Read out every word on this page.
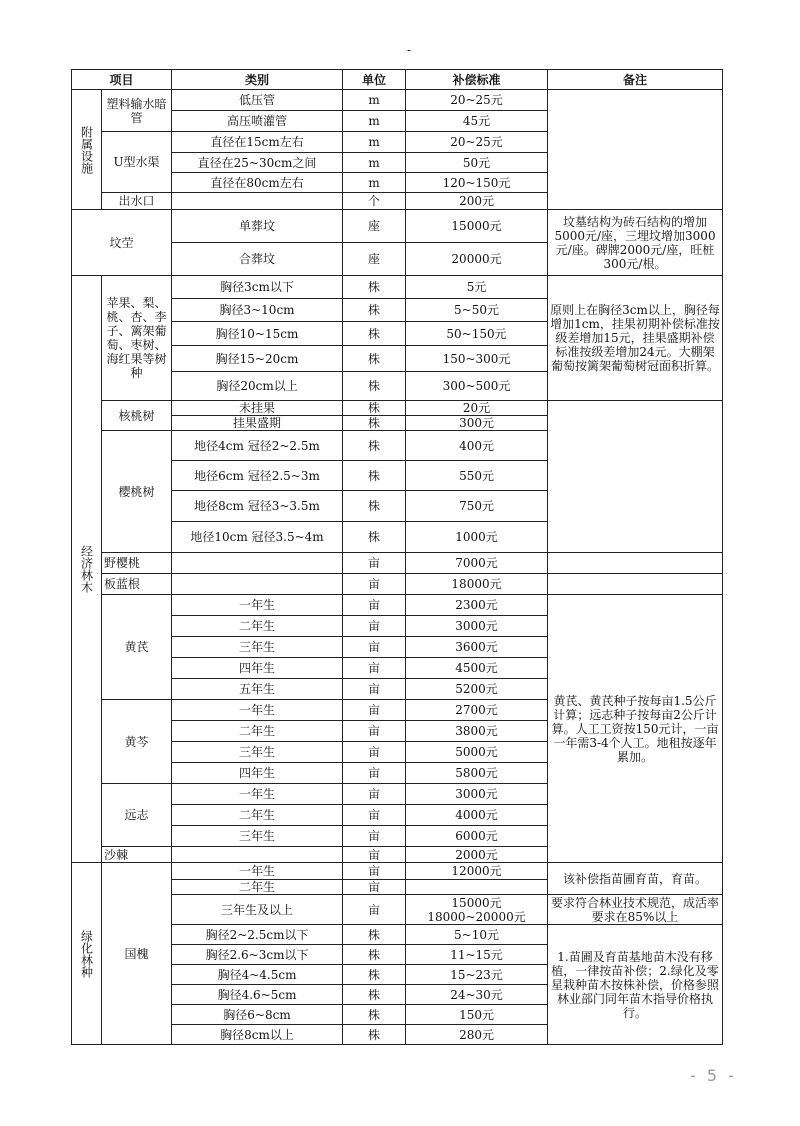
-
项目		类别	单位	补偿标准	备注
附属设施	塑料输水暗管	低压管	m	20~25元	
		高压喷灌管	m	45元	
	U型水渠	直径在15cm左右	m	20~25元	
		直径在25~30cm之间	m	50元	
		直径在80cm左右	m	120~150元	
	出水口		个	200元	
坟茔		单葬坟	座	15000元	坟墓结构为砖石结构的增加5000元/座，三埋坟增加3000元/座。碑牌2000元/座，旺桩300元/根。
		合葬坟	座	20000元	
经济林木	苹果、梨、桃、杏、李子、篱架葡萄、枣树、海红果等树种	胸径3cm以下	株	5元	原则上在胸径3cm以上，胸径每增加1cm，挂果初期补偿标准按级差增加15元，挂果盛期补偿标准按级差增加24元。大棚架葡萄按篱架葡萄树冠面积折算。
		胸径3~10cm	株	5~50元	
		胸径10~15cm	株	50~150元	
		胸径15~20cm	株	150~300元	
		胸径20cm以上	株	300~500元	
	核桃树	未挂果	株	20元	
		挂果盛期	株	300元	
	樱桃树	地径4cm 冠径2~2.5m	株	400元	
		地径6cm 冠径2.5~3m	株	550元	
		地径8cm 冠径3~3.5m	株	750元	
		地径10cm 冠径3.5~4m	株	1000元	
	野樱桃		亩	7000元	
	板蓝根		亩	18000元	
	黄芪	一年生	亩	2300元	黄芪、黄芪种子按每亩1.5公斤计算；远志种子按每亩2公斤计算。人工工资按150元计，一亩一年需3-4个人工。地租按逐年累加。
		二年生	亩	3000元	
		三年生	亩	3600元	
		四年生	亩	4500元	
		五年生	亩	5200元	
	黄芩	一年生	亩	2700元	
		二年生	亩	3800元	
		三年生	亩	5000元	
		四年生	亩	5800元	
	远志	一年生	亩	3000元	
		二年生	亩	4000元	
		三年生	亩	6000元	
	沙棘		亩	2000元	
绿化林种	国槐	一年生	亩	12000元	该补偿指苗圃育苗，育苗。
		二年生	亩		
		三年生及以上	亩	15000元 18000~20000元	要求符合林业技术规范，成活率要求在85%以上
		胸径2~2.5cm以下	株	5~10元	1.苗圃及育苗基地苗木没有移植，一律按苗补偿；2.绿化及零星栽种苗木按株补偿，价格参照林业部门同年苗木指导价格执行。
		胸径2.6~3cm以下	株	11~15元	
		胸径4~4.5cm	株	15~23元	
		胸径4.6~5cm	株	24~30元	
		胸径6~8cm	株	150元	
		胸径8cm以上	株	280元	
- 5 -
